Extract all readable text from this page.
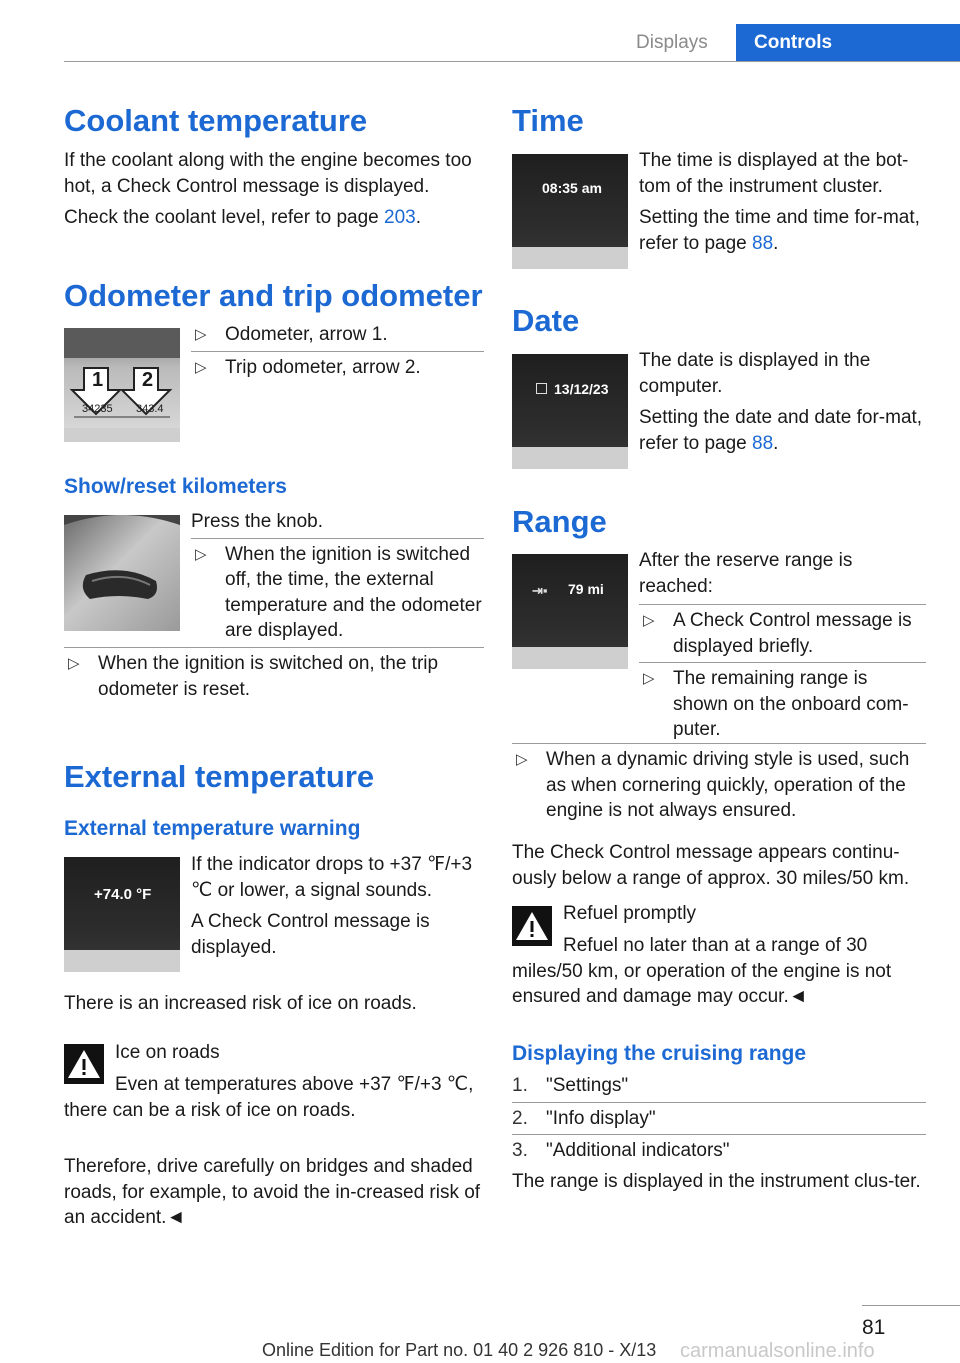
Displays Controls
Coolant temperature

If the coolant along with the engine becomes too hot, a Check Control message is displayed.

Check the coolant level, refer to page 203.

Odometer and trip odometer
1 2
34235 343.4
▷ Odometer, arrow 1.
▷ Trip odometer, arrow 2.
Show/reset kilometers

Press the knob.

▷ When the ignition is switched off, the time, the external temperature and the odometer are displayed.
▷ When the ignition is switched on, the trip odometer is reset.
External temperature
External temperature warning
+74.0 °F

If the indicator drops to +37 ℉/+3 ℃ or lower, a signal sounds.

A Check Control message is displayed.

There is an increased risk of ice on roads.

Ice on roads

Even at temperatures above +37 ℉/+3 ℃, there can be a risk of ice on roads.

Therefore, drive carefully on bridges and shaded roads, for example, to avoid the in‐creased risk of an accident.◄

Time
08:35 am

The time is displayed at the bot‐tom of the instrument cluster.

Setting the time and time for‐mat, refer to page 88.

Date
13/12/23

The date is displayed in the computer.

Setting the date and date for‐mat, refer to page 88.

Range
⇥▪ 79 mi

After the reserve range is reached:

▷ A Check Control message is displayed briefly.
▷ The remaining range is shown on the onboard com‐puter.
▷ When a dynamic driving style is used, such as when cornering quickly, operation of the engine is not always ensured.

The Check Control message appears continu‐ously below a range of approx. 30 miles/50 km.

Refuel promptly

Refuel no later than at a range of 30 miles/50 km, or operation of the engine is not ensured and damage may occur.◄

Displaying the cruising range
1. "Settings"
2. "Info display"
3. "Additional indicators"

The range is displayed in the instrument clus‐ter.

81
Online Edition for Part no. 01 40 2 926 810 - X/13 carmanualsonline.info
